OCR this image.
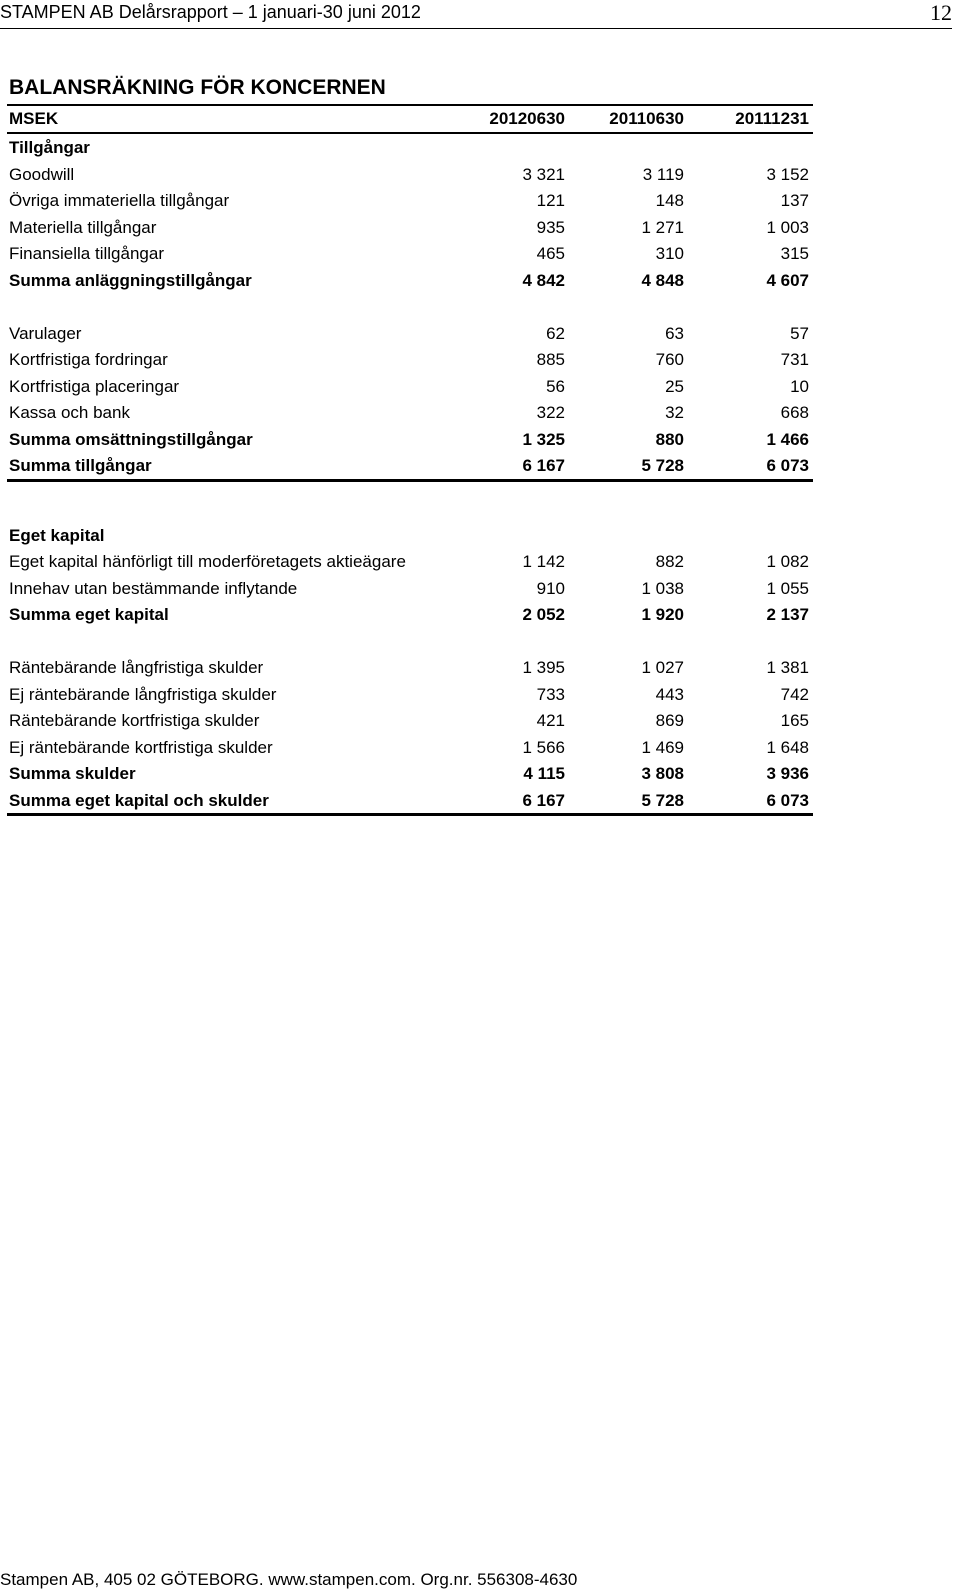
STAMPEN AB Delårsrapport – 1 januari-30 juni 2012	12
BALANSRÄKNING FÖR KONCERNEN
MSEK	20120630	20110630	20111231
Tillgångar
Goodwill	3 321	3 119	3 152
Övriga immateriella tillgångar	121	148	137
Materiella tillgångar	935	1 271	1 003
Finansiella tillgångar	465	310	315
Summa anläggningstillgångar	4 842	4 848	4 607
Varulager	62	63	57
Kortfristiga fordringar	885	760	731
Kortfristiga placeringar	56	25	10
Kassa och bank	322	32	668
Summa omsättningstillgångar	1 325	880	1 466
Summa tillgångar	6 167	5 728	6 073
Eget kapital
Eget kapital hänförligt till moderföretagets aktieägare	1 142	882	1 082
Innehav utan bestämmande inflytande	910	1 038	1 055
Summa eget kapital	2 052	1 920	2 137
Räntebärande långfristiga skulder	1 395	1 027	1 381
Ej räntebärande långfristiga skulder	733	443	742
Räntebärande kortfristiga skulder	421	869	165
Ej räntebärande kortfristiga skulder	1 566	1 469	1 648
Summa skulder	4 115	3 808	3 936
Summa eget kapital och skulder	6 167	5 728	6 073
Stampen AB, 405 02 GÖTEBORG. www.stampen.com. Org.nr. 556308-4630
